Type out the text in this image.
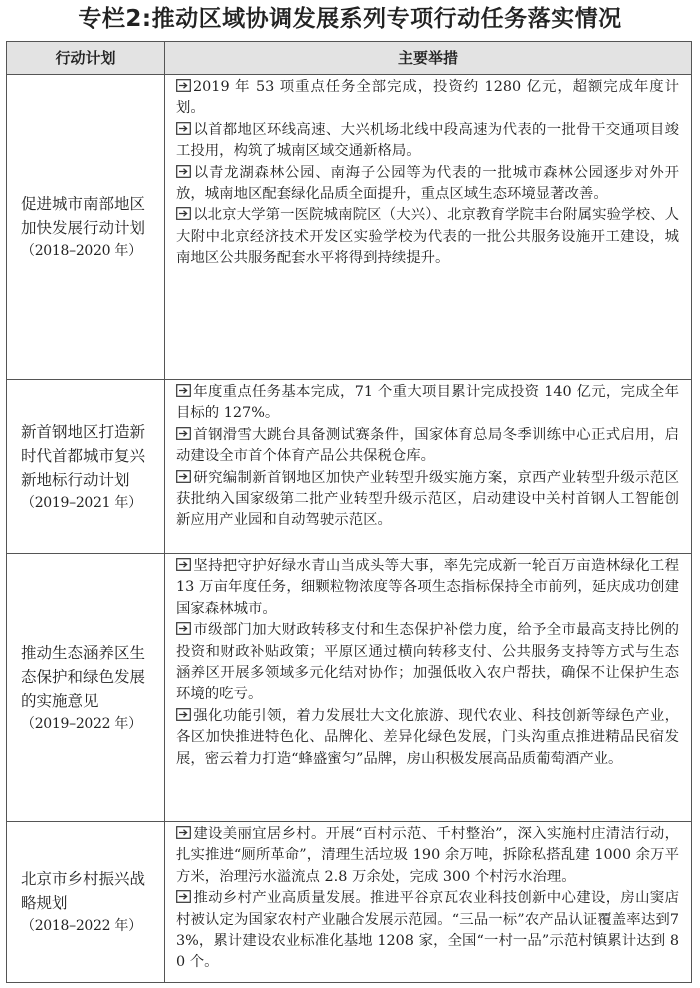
专栏2:推动区域协调发展系列专项行动任务落实情况
行动计划	主要举措
促进城市南部地区加快发展行动计划
（2018–2020 年）
2019 年 53 项重点任务全部完成，投资约 1280 亿元，超额完成年度计划。
以首都地区环线高速、大兴机场北线中段高速为代表的一批骨干交通项目竣工投用，构筑了城南区域交通新格局。
以青龙湖森林公园、南海子公园等为代表的一批城市森林公园逐步对外开放，城南地区配套绿化品质全面提升，重点区域生态环境显著改善。
以北京大学第一医院城南院区（大兴）、北京教育学院丰台附属实验学校、人大附中北京经济技术开发区实验学校为代表的一批公共服务设施开工建设，城南地区公共服务配套水平将得到持续提升。
新首钢地区打造新时代首都城市复兴新地标行动计划
（2019–2021 年）
年度重点任务基本完成，71 个重大项目累计完成投资 140 亿元，完成全年目标的 127%。
首钢滑雪大跳台具备测试赛条件，国家体育总局冬季训练中心正式启用，启动建设全市首个体育产品公共保税仓库。
研究编制新首钢地区加快产业转型升级实施方案，京西产业转型升级示范区获批纳入国家级第二批产业转型升级示范区，启动建设中关村首钢人工智能创新应用产业园和自动驾驶示范区。
推动生态涵养区生态保护和绿色发展的实施意见
（2019–2022 年）
坚持把守护好绿水青山当成头等大事，率先完成新一轮百万亩造林绿化工程 13 万亩年度任务，细颗粒物浓度等各项生态指标保持全市前列，延庆成功创建国家森林城市。
市级部门加大财政转移支付和生态保护补偿力度，给予全市最高支持比例的投资和财政补贴政策；平原区通过横向转移支付、公共服务支持等方式与生态涵养区开展多领域多元化结对协作；加强低收入农户帮扶，确保不让保护生态环境的吃亏。
强化功能引领，着力发展壮大文化旅游、现代农业、科技创新等绿色产业，各区加快推进特色化、品牌化、差异化绿色发展，门头沟重点推进精品民宿发展，密云着力打造“蜂盛蜜匀”品牌，房山积极发展高品质葡萄酒产业。
北京市乡村振兴战略规划
（2018–2022 年）
建设美丽宜居乡村。开展“百村示范、千村整治”，深入实施村庄清洁行动，扎实推进“厕所革命”，清理生活垃圾 190 余万吨，拆除私搭乱建 1000 余万平方米，治理污水溢流点 2.8 万余处，完成 300 个村污水治理。
推动乡村产业高质量发展。推进平谷京瓦农业科技创新中心建设，房山窦店村被认定为国家农村产业融合发展示范园。“三品一标”农产品认证覆盖率达到73%，累计建设农业标准化基地 1208 家，全国“一村一品”示范村镇累计达到 80 个。
